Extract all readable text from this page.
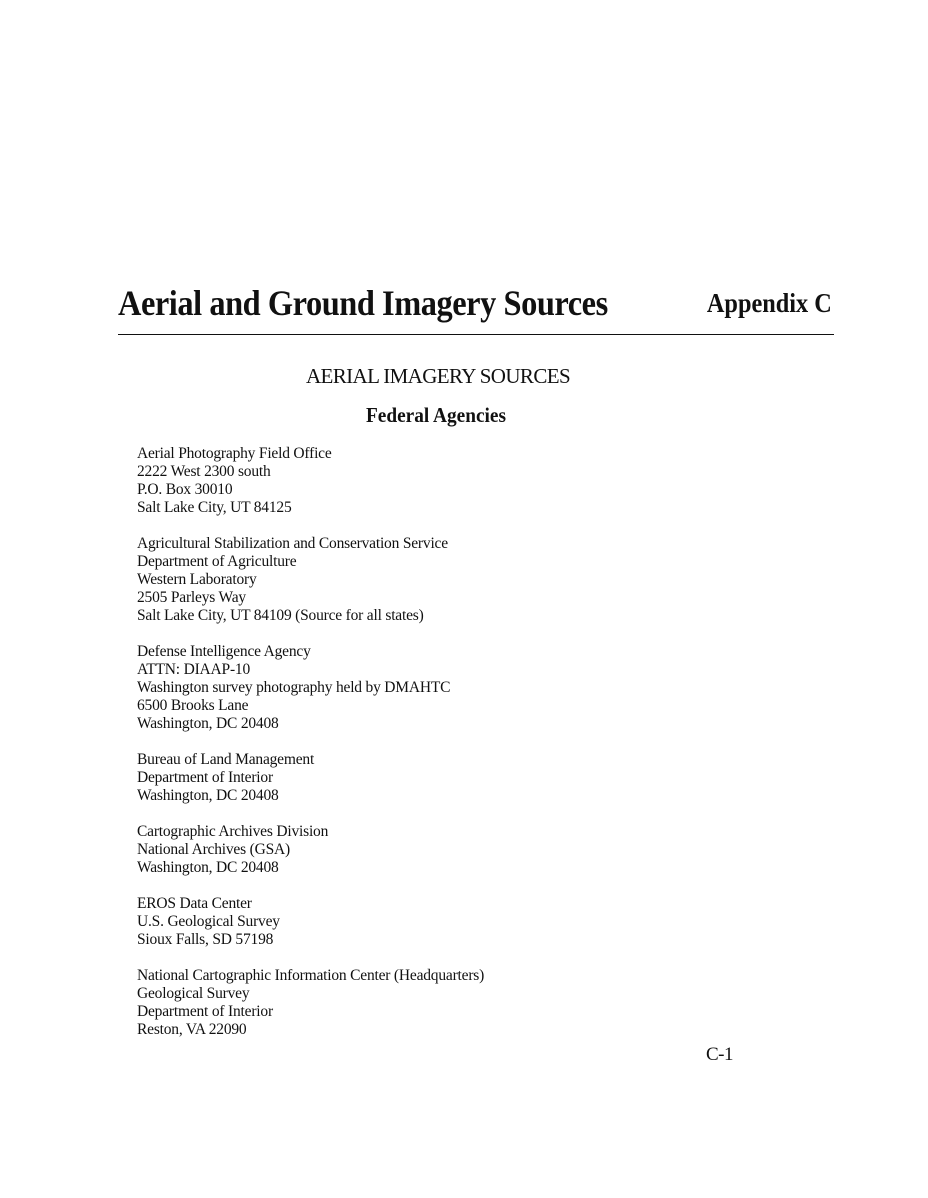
Aerial and Ground Imagery Sources	Appendix C
AERIAL IMAGERY SOURCES
Federal Agencies
Aerial Photography Field Office
2222 West 2300 south
P.O. Box 30010
Salt Lake City, UT 84125
Agricultural Stabilization and Conservation Service
Department of Agriculture
Western Laboratory
2505 Parleys Way
Salt Lake City, UT 84109 (Source for all states)
Defense Intelligence Agency
ATTN: DIAAP-10
Washington survey photography held by DMAHTC
6500 Brooks Lane
Washington, DC 20408
Bureau of Land Management
Department of Interior
Washington, DC 20408
Cartographic Archives Division
National Archives (GSA)
Washington, DC 20408
EROS Data Center
U.S. Geological Survey
Sioux Falls, SD 57198
National Cartographic Information Center (Headquarters)
Geological Survey
Department of Interior
Reston, VA 22090
C-1
